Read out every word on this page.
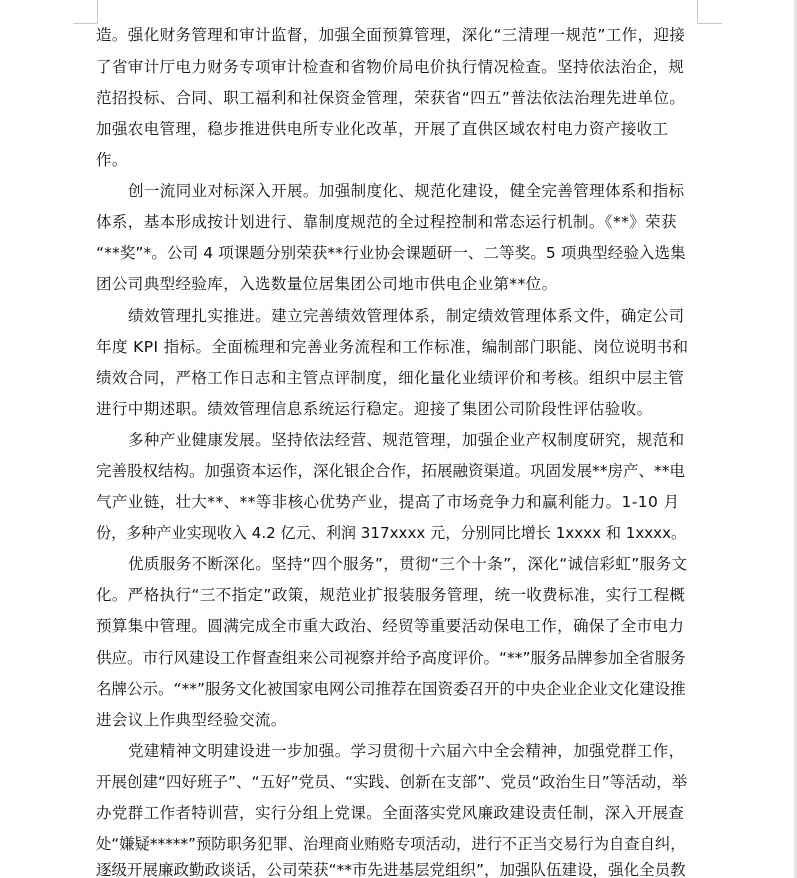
造。强化财务管理和审计监督，加强全面预算管理，深化“三清理一规范”工作，迎接
了省审计厅电力财务专项审计检查和省物价局电价执行情况检查。坚持依法治企，规
范招投标、合同、职工福利和社保资金管理，荣获省“四五”普法依法治理先进单位。
加强农电管理，稳步推进供电所专业化改革，开展了直供区域农村电力资产接收工
作。
创一流同业对标深入开展。加强制度化、规范化建设，健全完善管理体系和指标
体系，基本形成按计划进行、靠制度规范的全过程控制和常态运行机制。《**》荣获
“**奖”*。公司 4 项课题分别荣获**行业协会课题研一、二等奖。5 项典型经验入选集
团公司典型经验库，入选数量位居集团公司地市供电企业第**位。
绩效管理扎实推进。建立完善绩效管理体系，制定绩效管理体系文件，确定公司
年度 KPI 指标。全面梳理和完善业务流程和工作标准，编制部门职能、岗位说明书和
绩效合同，严格工作日志和主管点评制度，细化量化业绩评价和考核。组织中层主管
进行中期述职。绩效管理信息系统运行稳定。迎接了集团公司阶段性评估验收。
多种产业健康发展。坚持依法经营、规范管理，加强企业产权制度研究，规范和
完善股权结构。加强资本运作，深化银企合作，拓展融资渠道。巩固发展**房产、**电
气产业链，壮大**、**等非核心优势产业，提高了市场竞争力和赢利能力。1-10 月
份，多种产业实现收入 4.2 亿元、利润 317xxxx 元，分别同比增长 1xxxx 和 1xxxx。
优质服务不断深化。坚持“四个服务”，贯彻“三个十条”，深化“诚信彩虹”服务文
化。严格执行“三不指定”政策，规范业扩报装服务管理，统一收费标准，实行工程概
预算集中管理。圆满完成全市重大政治、经贸等重要活动保电工作，确保了全市电力
供应。市行风建设工作督查组来公司视察并给予高度评价。“**”服务品牌参加全省服务
名牌公示。“**”服务文化被国家电网公司推荐在国资委召开的中央企业企业文化建设推
进会议上作典型经验交流。
党建精神文明建设进一步加强。学习贯彻十六届六中全会精神，加强党群工作，
开展创建“四好班子”、“五好”党员、“实践、创新在支部”、党员“政治生日”等活动，举
办党群工作者特训营，实行分组上党课。全面落实党风廉政建设责任制，深入开展查
处“嫌疑*****”预防职务犯罪、治理商业贿赂专项活动，进行不正当交易行为自查自纠，
逐级开展廉政勤政谈话，公司荣获“**市先进基层党组织”，加强队伍建设，强化全员教
